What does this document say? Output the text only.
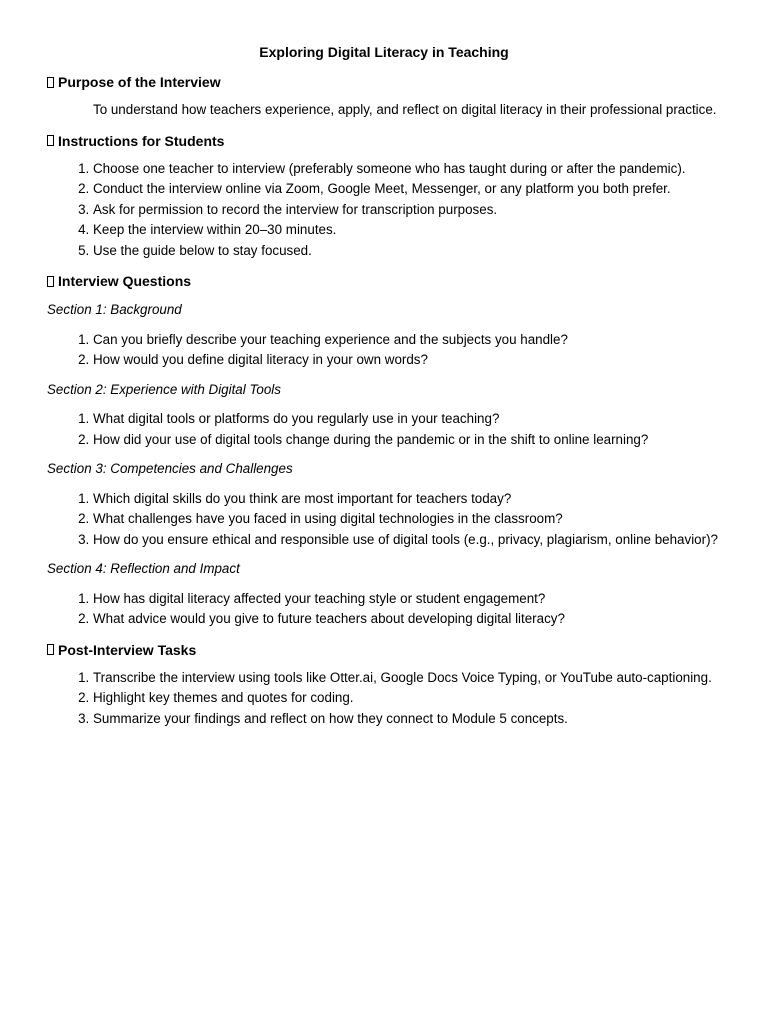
Exploring Digital Literacy in Teaching
Purpose of the Interview

To understand how teachers experience, apply, and reflect on digital literacy in their professional practice.

Instructions for Students
1. Choose one teacher to interview (preferably someone who has taught during or after the pandemic).
2. Conduct the interview online via Zoom, Google Meet, Messenger, or any platform you both prefer.
3. Ask for permission to record the interview for transcription purposes.
4. Keep the interview within 20–30 minutes.
5. Use the guide below to stay focused.
Interview Questions
Section 1: Background
1. Can you briefly describe your teaching experience and the subjects you handle?
2. How would you define digital literacy in your own words?
Section 2: Experience with Digital Tools
1. What digital tools or platforms do you regularly use in your teaching?
2. How did your use of digital tools change during the pandemic or in the shift to online learning?
Section 3: Competencies and Challenges
1. Which digital skills do you think are most important for teachers today?
2. What challenges have you faced in using digital technologies in the classroom?
3. How do you ensure ethical and responsible use of digital tools (e.g., privacy, plagiarism, online behavior)?
Section 4: Reflection and Impact
1. How has digital literacy affected your teaching style or student engagement?
2. What advice would you give to future teachers about developing digital literacy?
Post-Interview Tasks
1. Transcribe the interview using tools like Otter.ai, Google Docs Voice Typing, or YouTube auto-captioning.
2. Highlight key themes and quotes for coding.
3. Summarize your findings and reflect on how they connect to Module 5 concepts.
